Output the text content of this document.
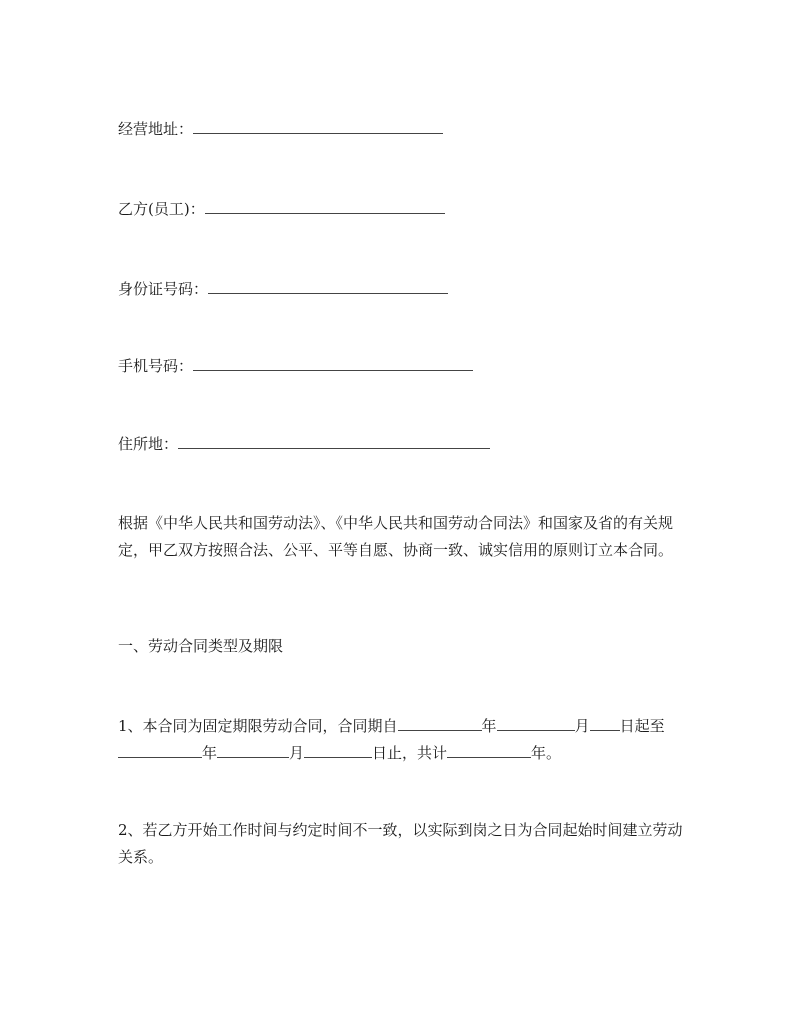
经营地址：
乙方(员工)：
身份证号码：
手机号码：
住所地：
根据《中华人民共和国劳动法》、《中华人民共和国劳动合同法》和国家及省的有关规定，甲乙双方按照合法、公平、平等自愿、协商一致、诚实信用的原则订立本合同。
一、劳动合同类型及期限
1、本合同为固定期限劳动合同，合同期自	年	月 日起至
年	月	日止，共计	年。
2、若乙方开始工作时间与约定时间不一致，以实际到岗之日为合同起始时间建立劳动关系。
